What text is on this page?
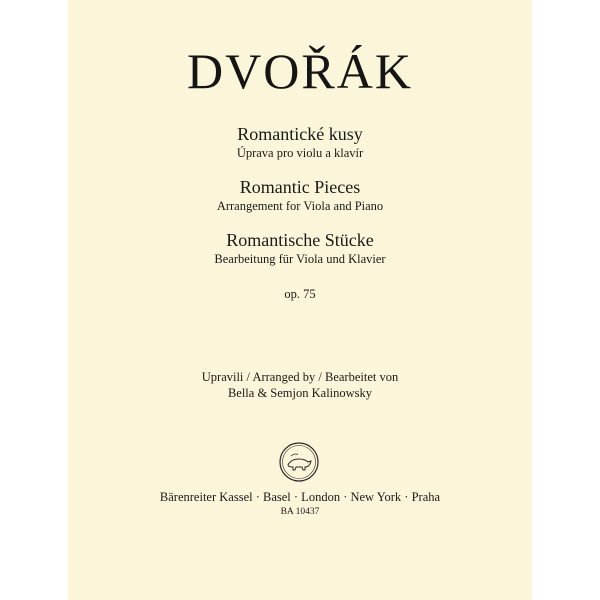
DVOŘÁK
Romantické kusy
Úprava pro violu a klavír
Romantic Pieces
Arrangement for Viola and Piano
Romantische Stücke
Bearbeitung für Viola und Klavier
op. 75
Upravili / Arranged by / Bearbeitet von
Bella & Semjon Kalinowsky
Bärenreiter Kassel · Basel · London · New York · Praha
BA 10437
